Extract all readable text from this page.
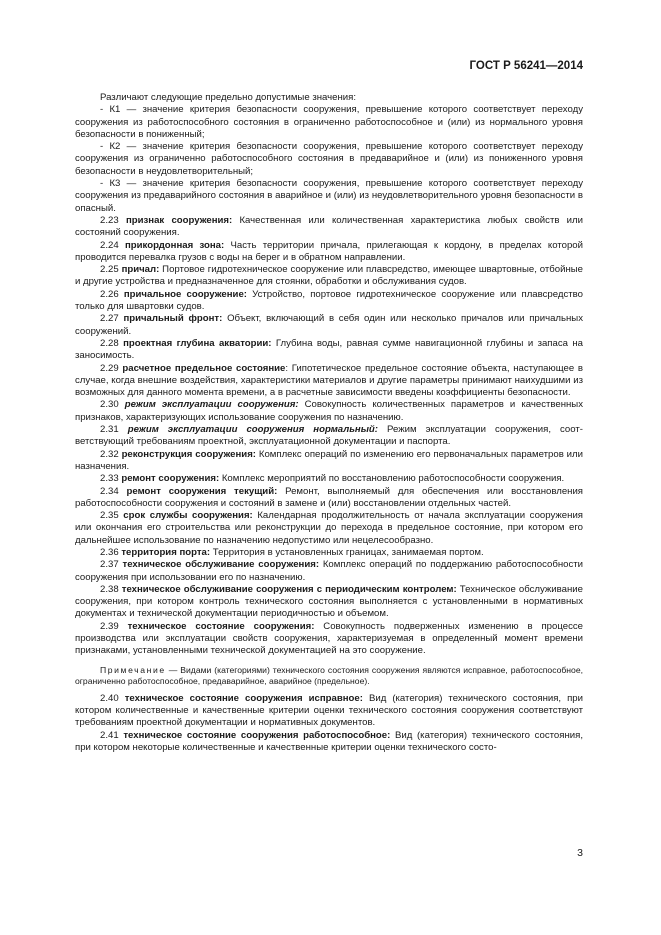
ГОСТ Р 56241—2014

Различают следующие предельно допустимые значения:

- К1 — значение критерия безопасности сооружения, превышение которого соответствует переходу сооружения из работоспособного состояния в ограниченно работоспособное и (или) из нормального уровня безопасности в пониженный;

- К2 — значение критерия безопасности сооружения, превышение которого соответствует переходу сооружения из ограниченно работоспособного состояния в предаварийное и (или) из пониженного уровня безопасности в неудовлетворительный;

- К3 — значение критерия безопасности сооружения, превышение которого соответствует переходу сооружения из предаварийного состояния в аварийное и (или) из неудовлетворительного уровня безопасности в опасный.

2.23 признак сооружения: Качественная или количественная характеристика любых свойств или состояний сооружения.

2.24 прикордонная зона: Часть территории причала, прилегающая к кордону, в пределах которой проводится перевалка грузов с воды на берег и в обратном направлении.

2.25 причал: Портовое гидротехническое сооружение или плавсредство, имеющее швартовные, отбойные и другие устройства и предназначенное для стоянки, обработки и обслуживания судов.

2.26 причальное сооружение: Устройство, портовое гидротехническое сооружение или плавсредство только для швартовки судов.

2.27 причальный фронт: Объект, включающий в себя один или несколько причалов или причальных сооружений.

2.28 проектная глубина акватории: Глубина воды, равная сумме навигационной глубины и запаса на заносимость.

2.29 расчетное предельное состояние: Гипотетическое предельное состояние объекта, наступающее в случае, когда внешние воздействия, характеристики материалов и другие параметры принимают наихудшими из возможных для данного момента времени, а в расчетные зависимости введены коэффициенты безопасности.

2.30 режим эксплуатации сооружения: Совокупность количественных параметров и качественных признаков, характеризующих использование сооружения по назначению.

2.31 режим эксплуатации сооружения нормальный: Режим эксплуатации сооружения, соответствующий требованиям проектной, эксплуатационной документации и паспорта.

2.32 реконструкция сооружения: Комплекс операций по изменению его первоначальных параметров или назначения.

2.33 ремонт сооружения: Комплекс мероприятий по восстановлению работоспособности сооружения.

2.34 ремонт сооружения текущий: Ремонт, выполняемый для обеспечения или восстановления работоспособности сооружения и состояний в замене и (или) восстановлении отдельных частей.

2.35 срок службы сооружения: Календарная продолжительность от начала эксплуатации сооружения или окончания его строительства или реконструкции до перехода в предельное состояние, при котором его дальнейшее использование по назначению недопустимо или нецелесообразно.

2.36 территория порта: Территория в установленных границах, занимаемая портом.

2.37 техническое обслуживание сооружения: Комплекс операций по поддержанию работоспособности сооружения при использовании его по назначению.

2.38 техническое обслуживание сооружения с периодическим контролем: Техническое обслуживание сооружения, при котором контроль технического состояния выполняется с установленными в нормативных документах и технической документации периодичностью и объемом.

2.39 техническое состояние сооружения: Совокупность подверженных изменению в процессе производства или эксплуатации свойств сооружения, характеризуемая в определенный момент времени признаками, установленными технической документацией на это сооружение.

Примечание — Видами (категориями) технического состояния сооружения являются исправное, работоспособное, ограниченно работоспособное, предаварийное, аварийное (предельное).

2.40 техническое состояние сооружения исправное: Вид (категория) технического состояния, при котором количественные и качественные критерии оценки технического состояния сооружения соответствуют требованиям проектной документации и нормативных документов.

2.41 техническое состояние сооружения работоспособное: Вид (категория) технического состояния, при котором некоторые количественные и качественные критерии оценки технического состо-

3
